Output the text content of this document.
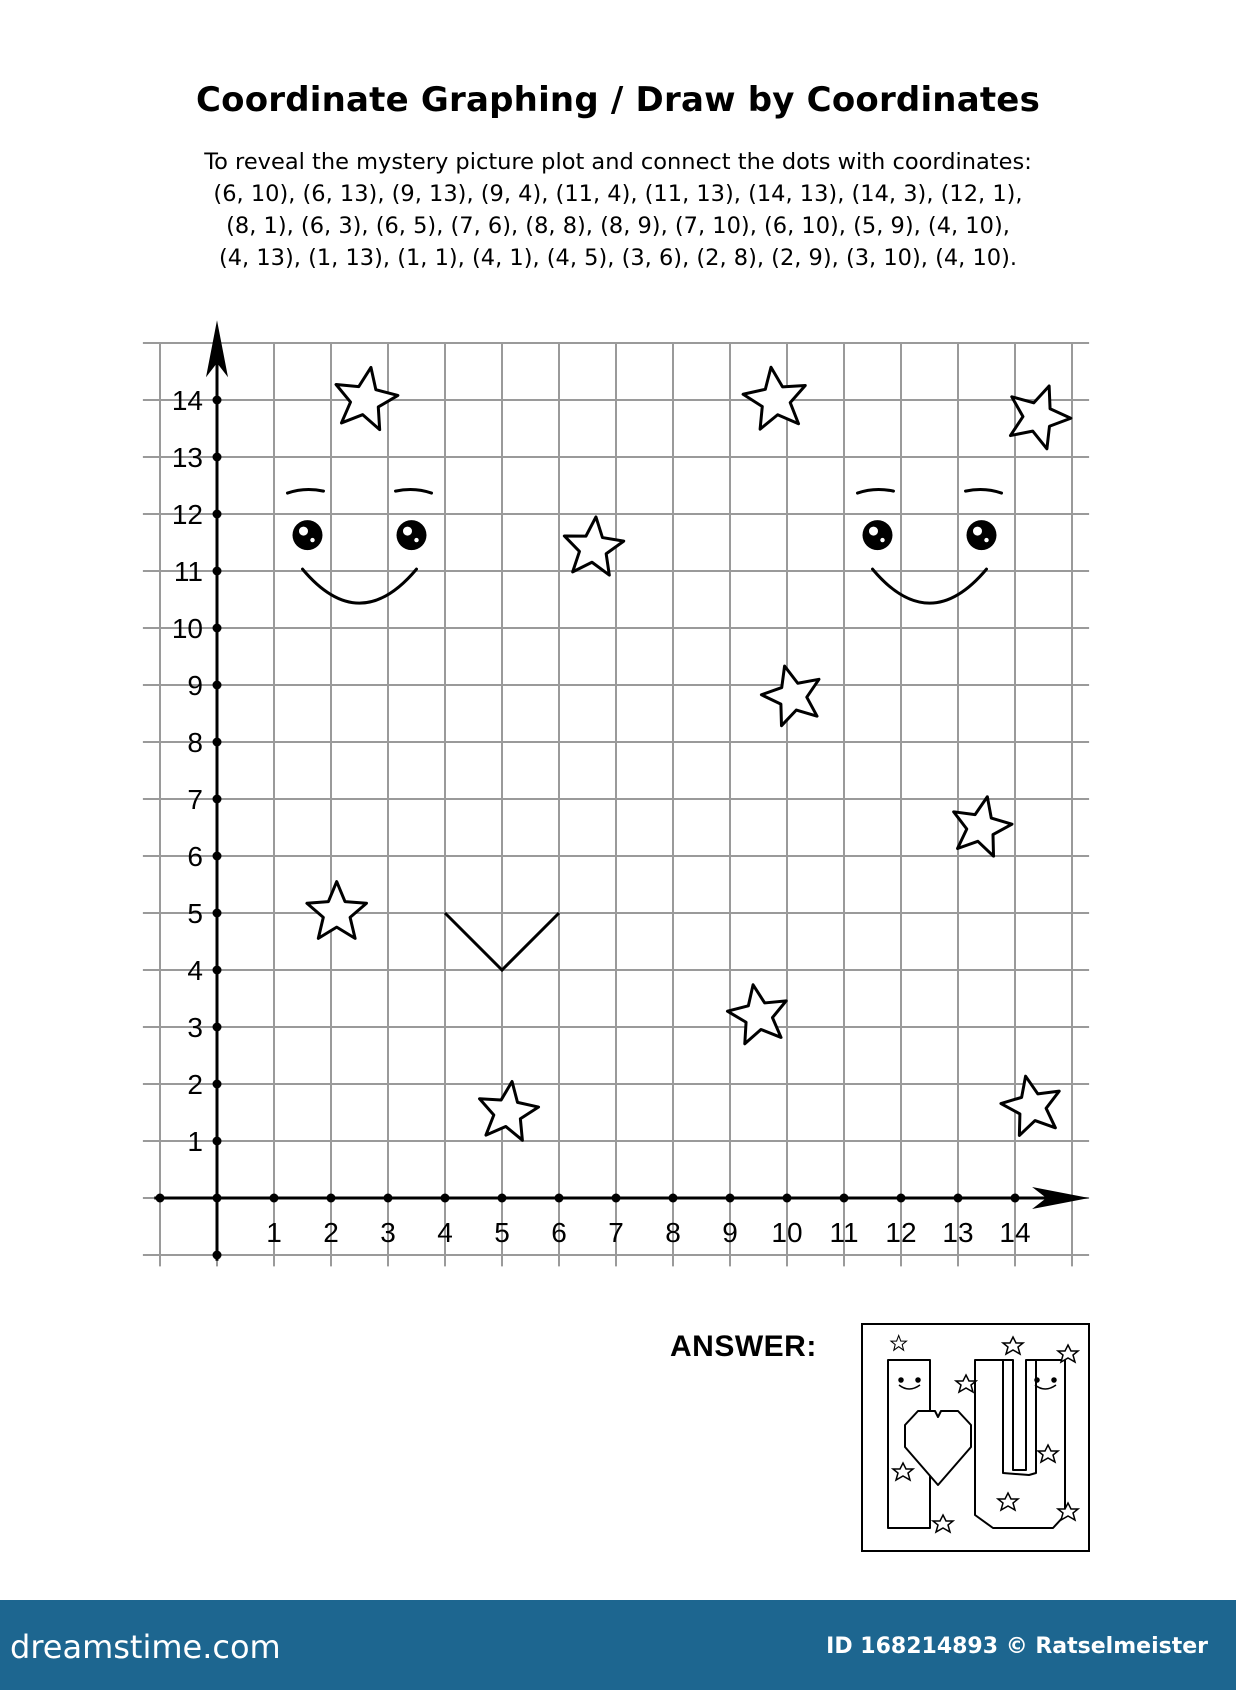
Coordinate Graphing / Draw by Coordinates
To reveal the mystery picture plot and connect the dots with coordinates:
(6, 10), (6, 13), (9, 13), (9, 4), (11, 4), (11, 13), (14, 13), (14, 3), (12, 1),
(8, 1), (6, 3), (6, 5), (7, 6), (8, 8), (8, 9), (7, 10), (6, 10), (5, 9), (4, 10),
(4, 13), (1, 13), (1, 1), (4, 1), (4, 5), (3, 6), (2, 8), (2, 9), (3, 10), (4, 10).
1 2 3 4 5 6 7 8 9 10 11 12 13 14
1
2
3
4
5
6
7
8
9
10
11
12
13
14
ANSWER:
dreamstime.com	ID 168214893 © Ratselmeister
